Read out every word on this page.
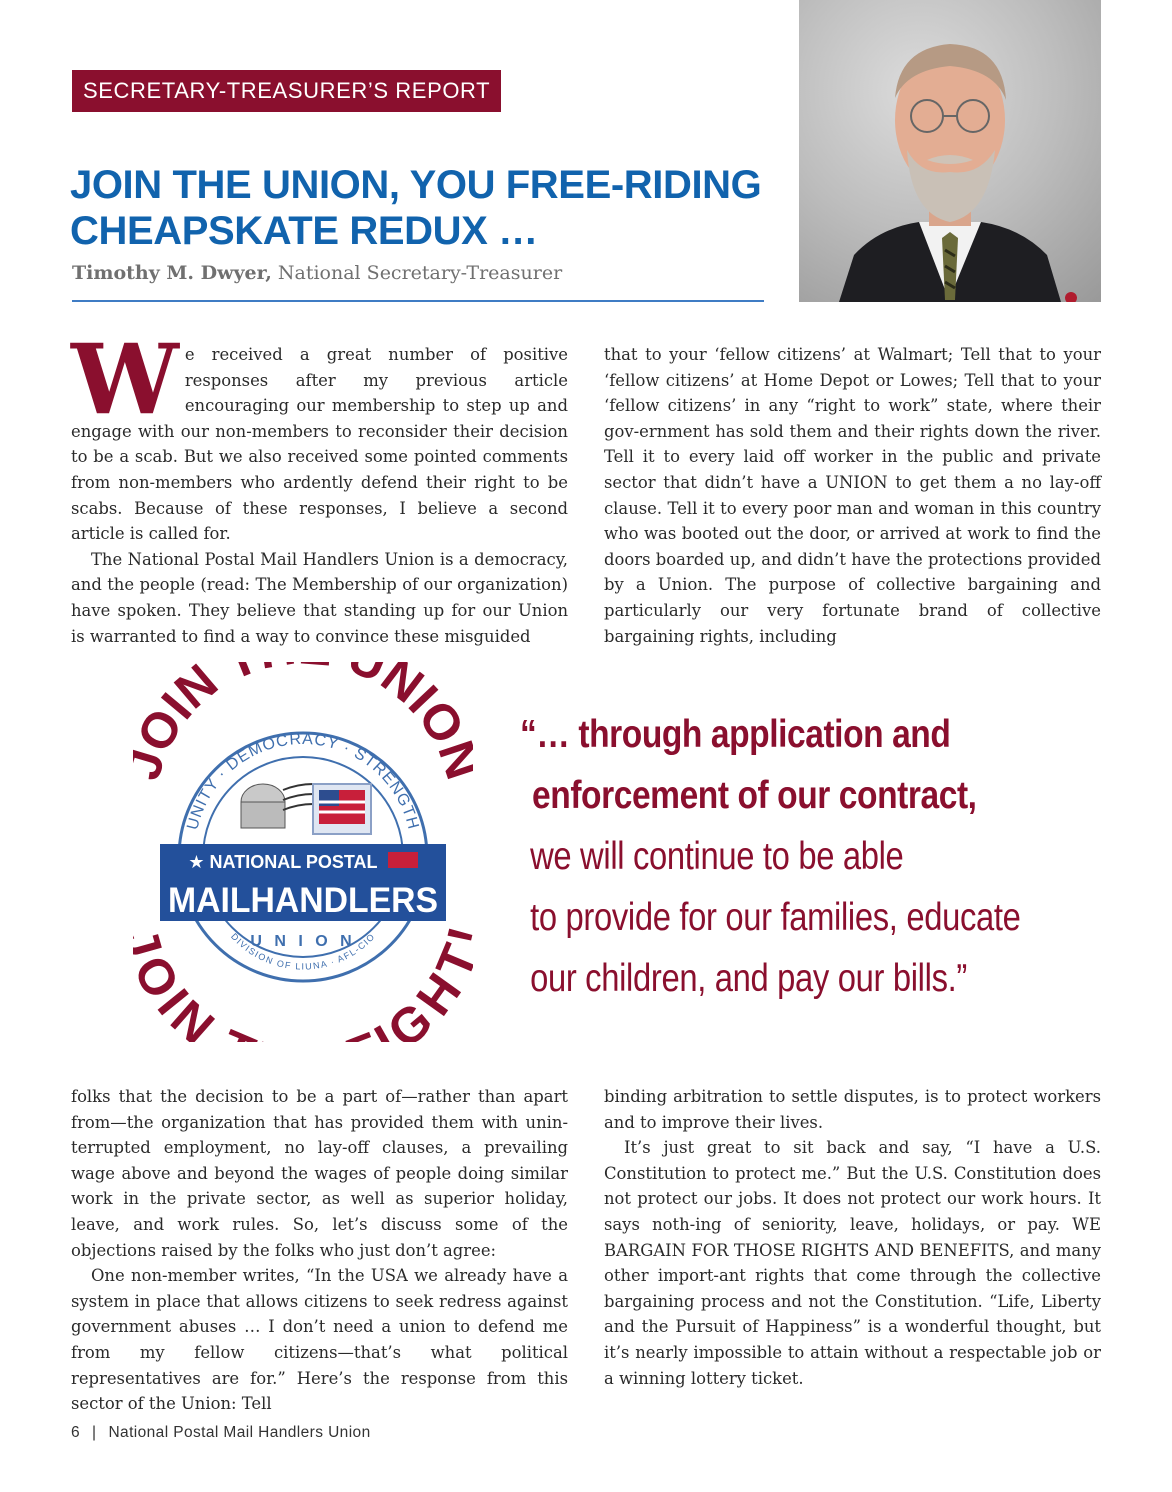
SECRETARY-TREASURER’S REPORT
JOIN THE UNION, YOU FREE-RIDING
CHEAPSKATE REDUX …
Timothy M. Dwyer, National Secretary-Treasurer
W e received a great number of positive responses after my previous article encouraging our membership to step up and engage with our non-members to reconsider their decision to be a scab. But we also received some pointed comments from non-members who ardently defend their right to be scabs. Because of these responses, I believe a second article is called for.

The National Postal Mail Handlers Union is a democracy, and the people (read: The Membership of our organization) have spoken. They believe that standing up for our Union is warranted to find a way to convince these misguided

that to your ‘fellow citizens’ at Walmart; Tell that to your ‘fellow citizens’ at Home Depot or Lowes; Tell that to your ‘fellow citizens’ in any “right to work” state, where their gov-ernment has sold them and their rights down the river. Tell it to every laid off worker in the public and private sector that didn’t have a UNION to get them a no lay-off clause. Tell it to every poor man and woman in this country who was booted out the door, or arrived at work to find the doors boarded up, and didn’t have the protections provided by a Union. The purpose of collective bargaining and particularly our very fortunate brand of collective bargaining rights, including

IN NIO
IN GH
UNITY · DEMOCRACY · STRENGTH
DIVISION OF LIUNA · AFL-CIO
★ NATIONAL POSTAL
MAILHANDLERS
U N I O N
“… through application and
enforcement of our contract,
we will continue to be able
to provide for our families, educate
our children, and pay our bills.”

folks that the decision to be a part of—rather than apart from—the organization that has provided them with unin-terrupted employment, no lay-off clauses, a prevailing wage above and beyond the wages of people doing similar work in the private sector, as well as superior holiday, leave, and work rules. So, let’s discuss some of the objections raised by the folks who just don’t agree:

One non-member writes, “In the USA we already have a system in place that allows citizens to seek redress against government abuses … I don’t need a union to defend me from my fellow citizens—that’s what political representatives are for.” Here’s the response from this sector of the Union: Tell

binding arbitration to settle disputes, is to protect workers and to improve their lives.

It’s just great to sit back and say, “I have a U.S. Constitution to protect me.” But the U.S. Constitution does not protect our jobs. It does not protect our work hours. It says noth-ing of seniority, leave, holidays, or pay. WE BARGAIN FOR THOSE RIGHTS AND BENEFITS, and many other import-ant rights that come through the collective bargaining process and not the Constitution. “Life, Liberty and the Pursuit of Happiness” is a wonderful thought, but it’s nearly impossible to attain without a respectable job or a winning lottery ticket.

6 | National Postal Mail Handlers Union
